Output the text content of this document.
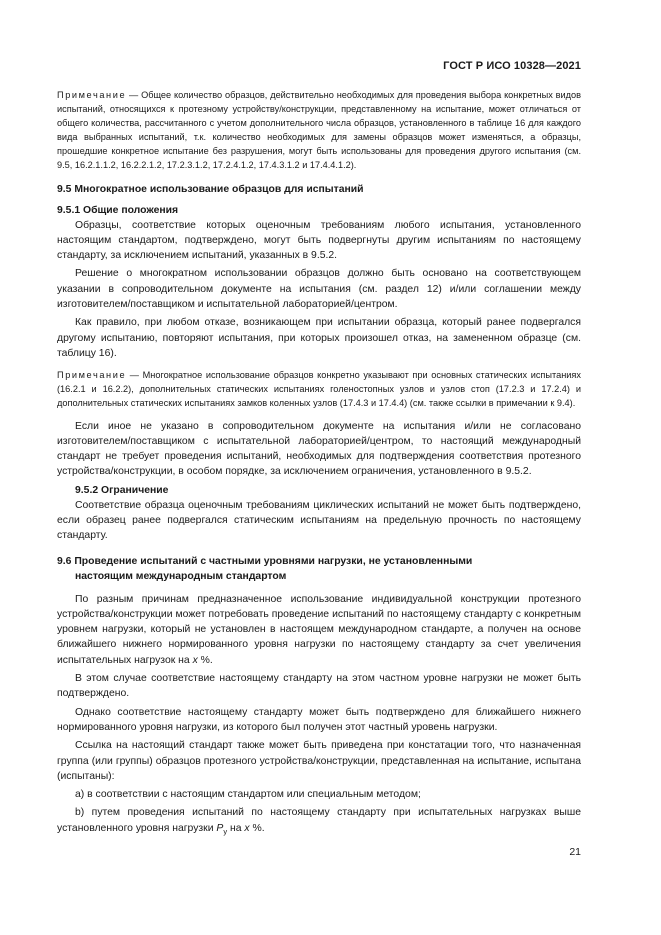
ГОСТ Р ИСО 10328—2021

Примечание — Общее количество образцов, действительно необходимых для проведения выбора конкретных видов испытаний, относящихся к протезному устройству/конструкции, представленному на испытание, может отличаться от общего количества, рассчитанного с учетом дополнительного числа образцов, установленного в таблице 16 для каждого вида выбранных испытаний, т.к. количество необходимых для замены образцов может изменяться, а образцы, прошедшие конкретное испытание без разрушения, могут быть использованы для проведения другого испытания (см. 9.5, 16.2.1.1.2, 16.2.2.1.2, 17.2.3.1.2, 17.2.4.1.2, 17.4.3.1.2 и 17.4.4.1.2).

9.5 Многократное использование образцов для испытаний
9.5.1 Общие положения

Образцы, соответствие которых оценочным требованиям любого испытания, установленного настоящим стандартом, подтверждено, могут быть подвергнуты другим испытаниям по настоящему стандарту, за исключением испытаний, указанных в 9.5.2.

Решение о многократном использовании образцов должно быть основано на соответствующем указании в сопроводительном документе на испытания (см. раздел 12) и/или соглашении между изготовителем/поставщиком и испытательной лабораторией/центром.

Как правило, при любом отказе, возникающем при испытании образца, который ранее подвергался другому испытанию, повторяют испытания, при которых произошел отказ, на замененном образце (см. таблицу 16).

Примечание — Многократное использование образцов конкретно указывают при основных статических испытаниях (16.2.1 и 16.2.2), дополнительных статических испытаниях голеностопных узлов и узлов стоп (17.2.3 и 17.2.4) и дополнительных статических испытаниях замков коленных узлов (17.4.3 и 17.4.4) (см. также ссылки в примечании к 9.4).

Если иное не указано в сопроводительном документе на испытания и/или не согласовано изготовителем/поставщиком с испытательной лабораторией/центром, то настоящий международный стандарт не требует проведения испытаний, необходимых для подтверждения соответствия протезного устройства/конструкции, в особом порядке, за исключением ограничения, установленного в 9.5.2.

9.5.2 Ограничение

Соответствие образца оценочным требованиям циклических испытаний не может быть подтверждено, если образец ранее подвергался статическим испытаниям на предельную прочность по настоящему стандарту.

9.6 Проведение испытаний с частными уровнями нагрузки, не установленными
настоящим международным стандартом

По разным причинам предназначенное использование индивидуальной конструкции протезного устройства/конструкции может потребовать проведение испытаний по настоящему стандарту с конкретным уровнем нагрузки, который не установлен в настоящем международном стандарте, а получен на основе ближайшего нижнего нормированного уровня нагрузки по настоящему стандарту за счет увеличения испытательных нагрузок на x %.

В этом случае соответствие настоящему стандарту на этом частном уровне нагрузки не может быть подтверждено.

Однако соответствие настоящему стандарту может быть подтверждено для ближайшего нижнего нормированного уровня нагрузки, из которого был получен этот частный уровень нагрузки.

Ссылка на настоящий стандарт также может быть приведена при констатации того, что назначенная группа (или группы) образцов протезного устройства/конструкции, представленная на испытание, испытана (испытаны):

а) в соответствии с настоящим стандартом или специальным методом;

b) путем проведения испытаний по настоящему стандарту при испытательных нагрузках выше установленного уровня нагрузки $P_y$ на x %.

21
